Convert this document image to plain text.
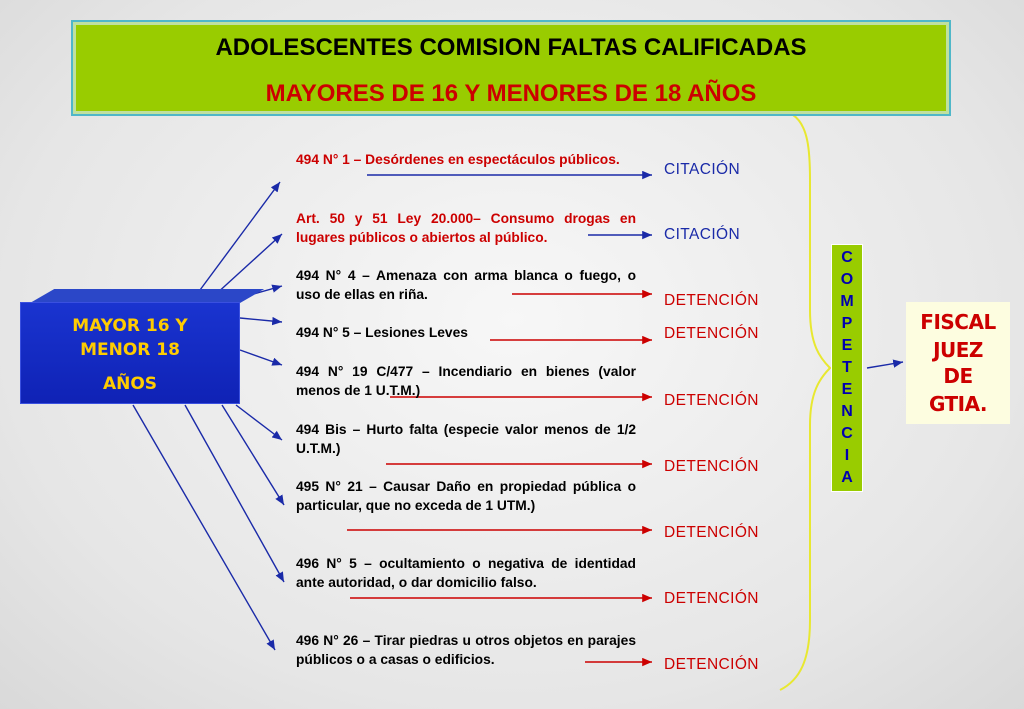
ADOLESCENTES COMISION FALTAS CALIFICADAS
MAYORES DE 16 Y MENORES DE 18 AÑOS
MAYOR 16 Y
MENOR 18
AÑOS
494 N° 1 – Desórdenes en espectáculos públicos.
Art. 50 y 51 Ley 20.000– Consumo drogas en lugares públicos o abiertos al público.
494 N° 4 – Amenaza con arma blanca o fuego, o uso de ellas en riña.
494 N° 5 – Lesiones Leves
494 N° 19 C/477 – Incendiario en bienes (valor menos de 1 U.T.M.)
494 Bis – Hurto falta (especie valor menos de 1/2 U.T.M.)
495 N° 21 – Causar Daño en propiedad pública o particular, que no exceda de 1 UTM.)
496 N° 5 – ocultamiento o negativa de identidad ante autoridad, o dar domicilio falso.
496 N° 26 – Tirar piedras u otros objetos en parajes públicos o a casas o edificios.
CITACIÓN
CITACIÓN
DETENCIÓN
DETENCIÓN
DETENCIÓN
DETENCIÓN
DETENCIÓN
DETENCIÓN
DETENCIÓN
C
O
M
P
E
T
E
N
C
I
A
FISCAL
JUEZ
DE
GTIA.
